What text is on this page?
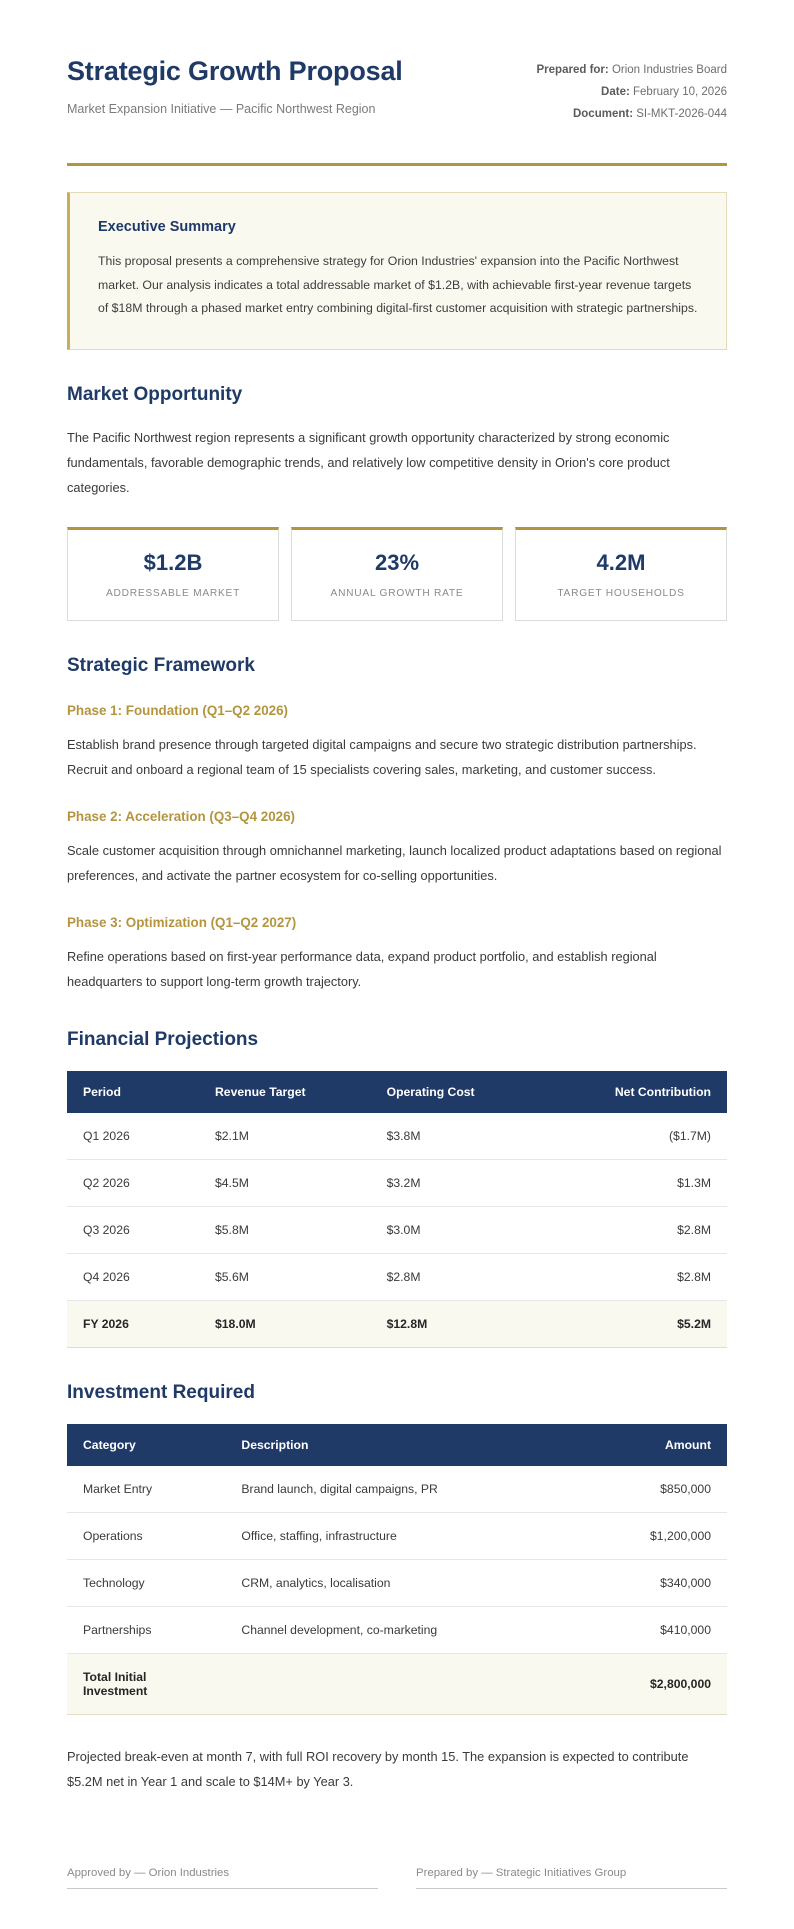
Strategic Growth Proposal
Market Expansion Initiative — Pacific Northwest Region
Prepared for: Orion Industries Board
Date: February 10, 2026
Document: SI-MKT-2026-044
Executive Summary
This proposal presents a comprehensive strategy for Orion Industries' expansion into the Pacific Northwest market. Our analysis indicates a total addressable market of $1.2B, with achievable first-year revenue targets of $18M through a phased market entry combining digital-first customer acquisition with strategic partnerships.
Market Opportunity
The Pacific Northwest region represents a significant growth opportunity characterized by strong economic fundamentals, favorable demographic trends, and relatively low competitive density in Orion's core product categories.
$1.2B
ADDRESSABLE MARKET
23%
ANNUAL GROWTH RATE
4.2M
TARGET HOUSEHOLDS
Strategic Framework
Phase 1: Foundation (Q1–Q2 2026)
Establish brand presence through targeted digital campaigns and secure two strategic distribution partnerships. Recruit and onboard a regional team of 15 specialists covering sales, marketing, and customer success.
Phase 2: Acceleration (Q3–Q4 2026)
Scale customer acquisition through omnichannel marketing, launch localized product adaptations based on regional preferences, and activate the partner ecosystem for co-selling opportunities.
Phase 3: Optimization (Q1–Q2 2027)
Refine operations based on first-year performance data, expand product portfolio, and establish regional headquarters to support long-term growth trajectory.
Financial Projections
Period	Revenue Target	Operating Cost	Net Contribution
Q1 2026	$2.1M	$3.8M	($1.7M)
Q2 2026	$4.5M	$3.2M	$1.3M
Q3 2026	$5.8M	$3.0M	$2.8M
Q4 2026	$5.6M	$2.8M	$2.8M
FY 2026	$18.0M	$12.8M	$5.2M
Investment Required
Category	Description	Amount
Market Entry	Brand launch, digital campaigns, PR	$850,000
Operations	Office, staffing, infrastructure	$1,200,000
Technology	CRM, analytics, localisation	$340,000
Partnerships	Channel development, co-marketing	$410,000
Total Initial Investment		$2,800,000
Projected break-even at month 7, with full ROI recovery by month 15. The expansion is expected to contribute $5.2M net in Year 1 and scale to $14M+ by Year 3.
Approved by — Orion Industries	Prepared by — Strategic Initiatives Group
